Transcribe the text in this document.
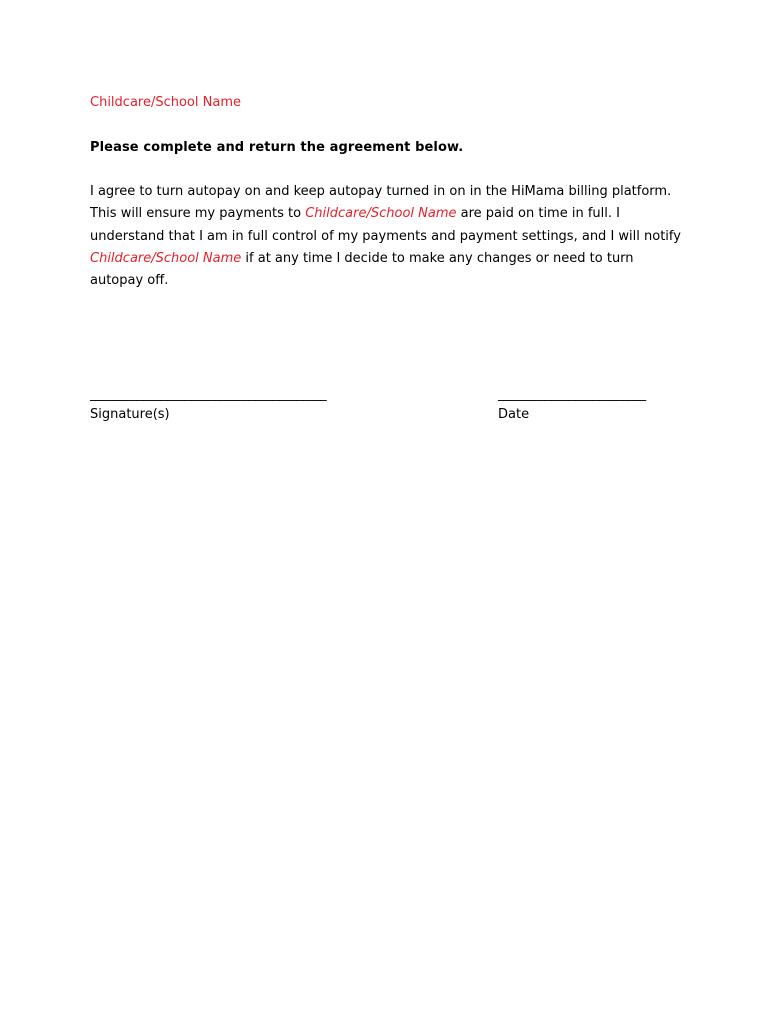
Childcare/School Name
Please complete and return the agreement below.

I agree to turn autopay on and keep autopay turned in on in the HiMama billing platform. This will ensure my payments to Childcare/School Name are paid on time in full. I understand that I am in full control of my payments and payment settings, and I will notify Childcare/School Name if at any time I decide to make any changes or need to turn autopay off.

________________________________________
Signature(s)
_________________________
Date
